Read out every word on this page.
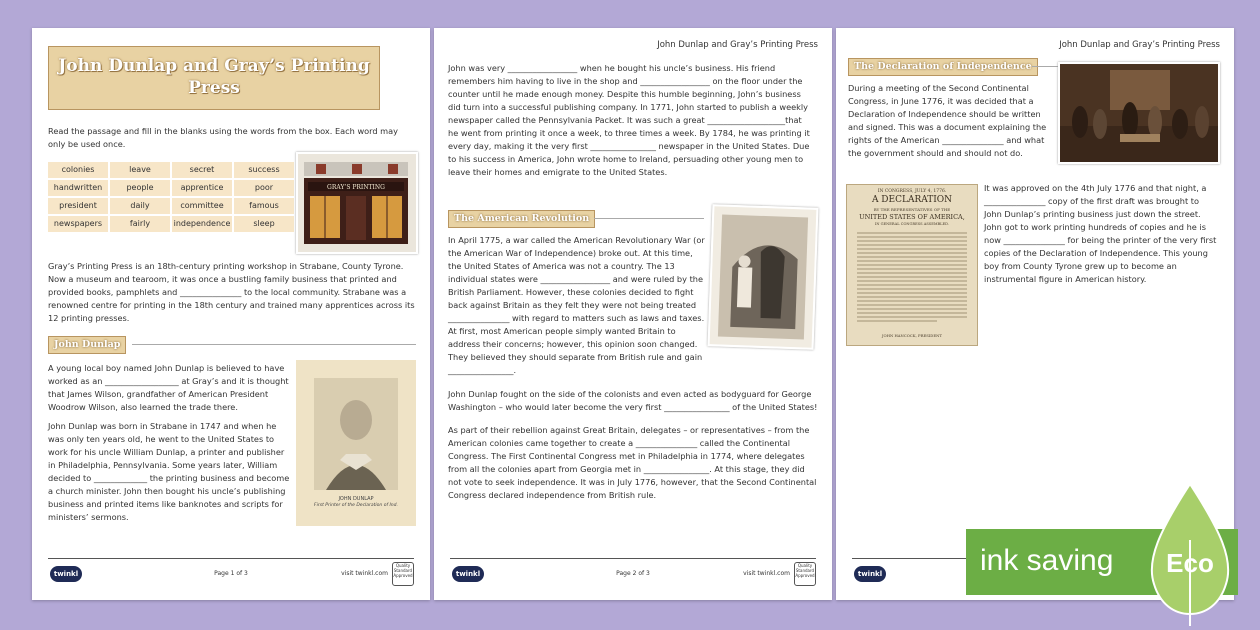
John Dunlap and Gray’s Printing Press
Read the passage and fill in the blanks using the words from the box. Each word may only be used once.
colonies	leave	secret	success
handwritten	people	apprentice	poor
president	daily	committee	famous
newspapers	fairly	independence	sleep
GRAY’S PRINTING
Gray’s Printing Press is an 18th-century printing workshop in Strabane, County Tyrone. Now a museum and tearoom, it was once a bustling family business that printed and provided books, pamphlets and _______________ to the local community. Strabane was a renowned centre for printing in the 18th century and trained many apprentices across its 12 printing presses.
John Dunlap

A young local boy named John Dunlap is believed to have worked as an __________________ at Gray’s and it is thought that James Wilson, grandfather of American President Woodrow Wilson, also learned the trade there.

John Dunlap was born in Strabane in 1747 and when he was only ten years old, he went to the United States to work for his uncle William Dunlap, a printer and publisher in Philadelphia, Pennsylvania. Some years later, William decided to _____________ the printing business and become a church minister. John then bought his uncle’s publishing business and printed items like banknotes and scripts for ministers’ sermons.

JOHN DUNLAP
First Printer of the Declaration of Ind.
twinkl	Page 1 of 3	visit twinkl.com
Quality Standard Approved
John Dunlap and Gray’s Printing Press
John was very _________________ when he bought his uncle’s business. His friend remembers him having to live in the shop and _________________ on the floor under the counter until he made enough money. Despite this humble beginning, John’s business did turn into a successful publishing company. In 1771, John started to publish a weekly newspaper called the Pennsylvania Packet. It was such a great ___________________that he went from printing it once a week, to three times a week. By 1784, he was printing it every day, making it the very first ________________ newspaper in the United States. Due to his success in America, John wrote home to Ireland, persuading other young men to leave their homes and emigrate to the United States.
The American Revolution
In April 1775, a war called the American Revolutionary War (or the American War of Independence) broke out. At this time, the United States of America was not a country. The 13 individual states were _________________ and were ruled by the British Parliament. However, these colonies decided to fight back against Britain as they felt they were not being treated _______________ with regard to matters such as laws and taxes. At first, most American people simply wanted Britain to address their concerns; however, this opinion soon changed. They believed they should separate from British rule and gain ________________.
John Dunlap fought on the side of the colonists and even acted as bodyguard for George Washington – who would later become the very first ________________ of the United States!
As part of their rebellion against Great Britain, delegates – or representatives – from the American colonies came together to create a _______________ called the Continental Congress. The First Continental Congress met in Philadelphia in 1774, where delegates from all the colonies apart from Georgia met in ________________. At this stage, they did not vote to seek independence. It was in July 1776, however, that the Second Continental Congress declared independence from British rule.
twinkl	Page 2 of 3	visit twinkl.com
Quality Standard Approved
John Dunlap and Gray’s Printing Press
The Declaration of Independence
During a meeting of the Second Continental Congress, in June 1776, it was decided that a Declaration of Independence should be written and signed. This was a document explaining the rights of the American _______________ and what the government should and should not do.
IN CONGRESS, JULY 4, 1776.
A DECLARATION
BY THE REPRESENTATIVES OF THE
UNITED STATES OF AMERICA,
IN GENERAL CONGRESS ASSEMBLED.
JOHN HANCOCK, PRESIDENT
It was approved on the 4th July 1776 and that night, a _______________ copy of the first draft was brought to John Dunlap’s printing business just down the street. John got to work printing hundreds of copies and he is now _______________ for being the printer of the very first copies of the Declaration of Independence. This young boy from County Tyrone grew up to become an instrumental figure in American history.
twinkl	ink saving Eco
